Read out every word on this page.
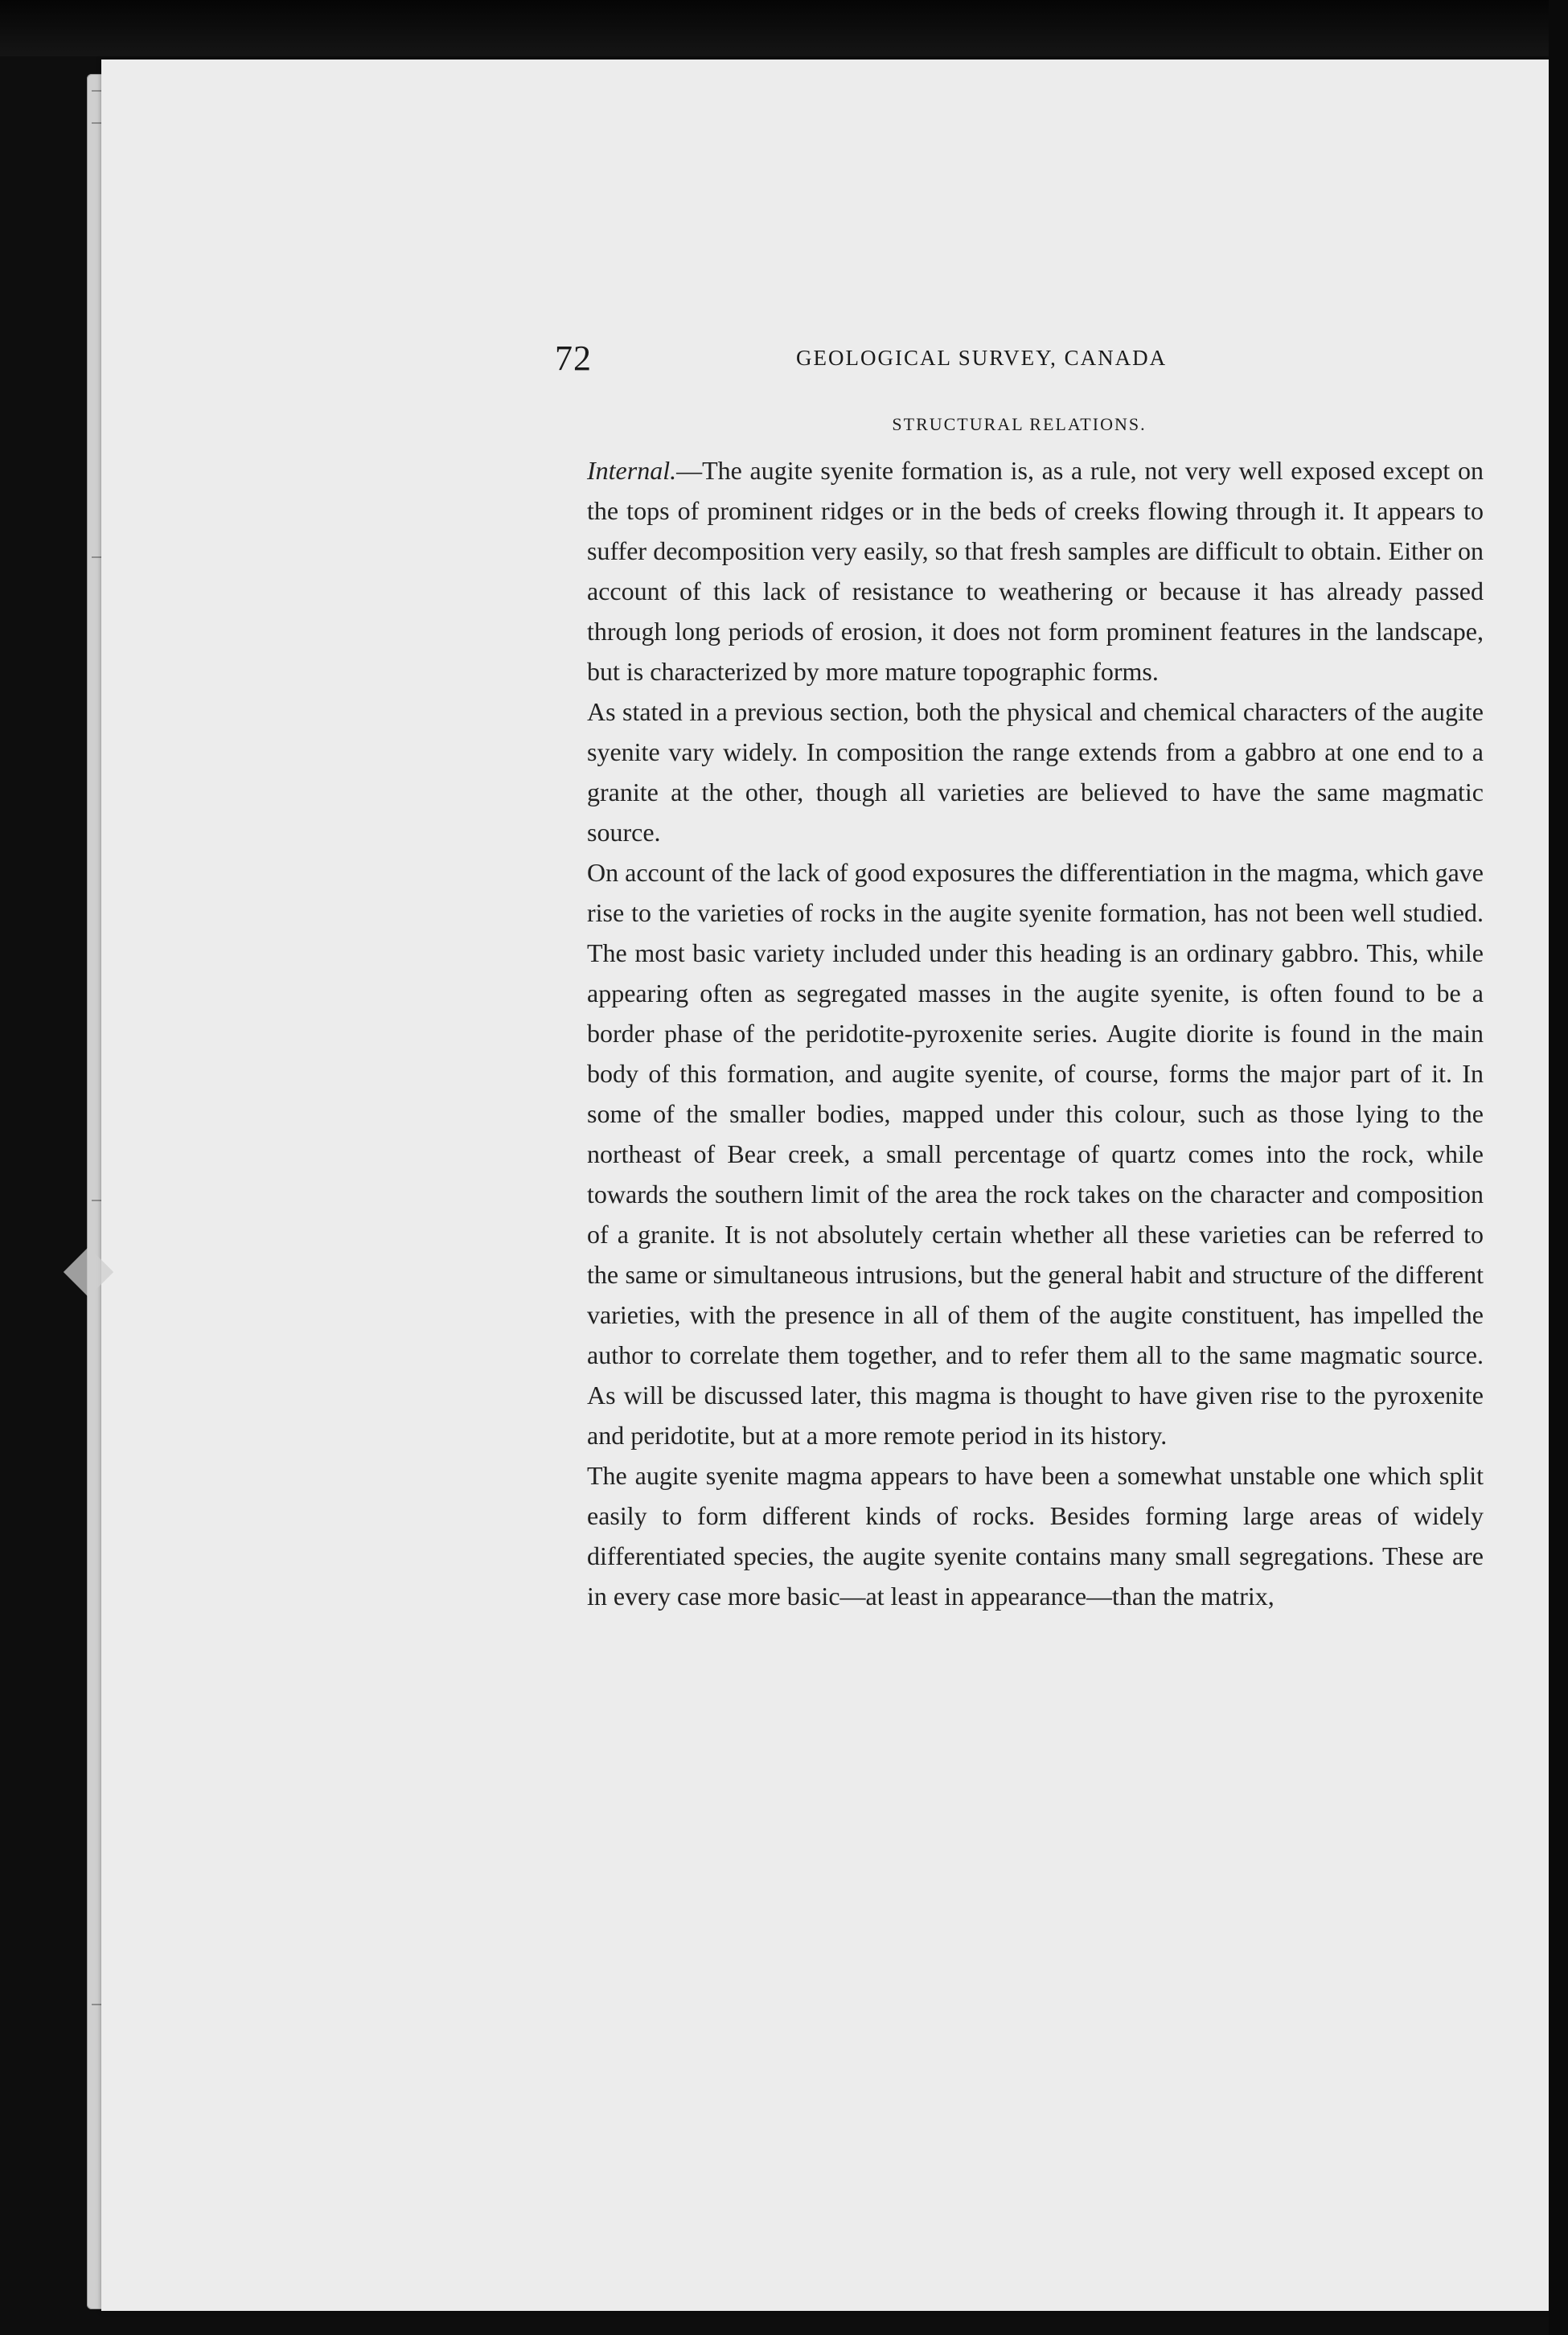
72	GEOLOGICAL SURVEY, CANADA
STRUCTURAL RELATIONS.

Internal.—The augite syenite formation is, as a rule, not very well exposed except on the tops of prominent ridges or in the beds of creeks flowing through it. It appears to suffer decomposition very easily, so that fresh samples are difficult to obtain. Either on account of this lack of resistance to weathering or because it has already passed through long periods of erosion, it does not form prominent features in the landscape, but is characterized by more mature topographic forms.

As stated in a previous section, both the physical and chemical characters of the augite syenite vary widely. In composition the range extends from a gabbro at one end to a granite at the other, though all varieties are believed to have the same magmatic source.

On account of the lack of good exposures the differentiation in the magma, which gave rise to the varieties of rocks in the augite syenite formation, has not been well studied. The most basic variety included under this heading is an ordinary gabbro. This, while appearing often as segregated masses in the augite syenite, is often found to be a border phase of the peridotite-pyroxenite series. Augite diorite is found in the main body of this formation, and augite syenite, of course, forms the major part of it. In some of the smaller bodies, mapped under this colour, such as those lying to the northeast of Bear creek, a small percentage of quartz comes into the rock, while towards the southern limit of the area the rock takes on the character and composition of a granite. It is not absolutely certain whether all these varieties can be referred to the same or simultaneous intrusions, but the general habit and structure of the different varieties, with the presence in all of them of the augite constituent, has impelled the author to correlate them together, and to refer them all to the same magmatic source. As will be discussed later, this magma is thought to have given rise to the pyroxenite and peridotite, but at a more remote period in its history.

The augite syenite magma appears to have been a somewhat unstable one which split easily to form different kinds of rocks. Besides forming large areas of widely differentiated species, the augite syenite contains many small segregations. These are in every case more basic—at least in appearance—than the matrix,
